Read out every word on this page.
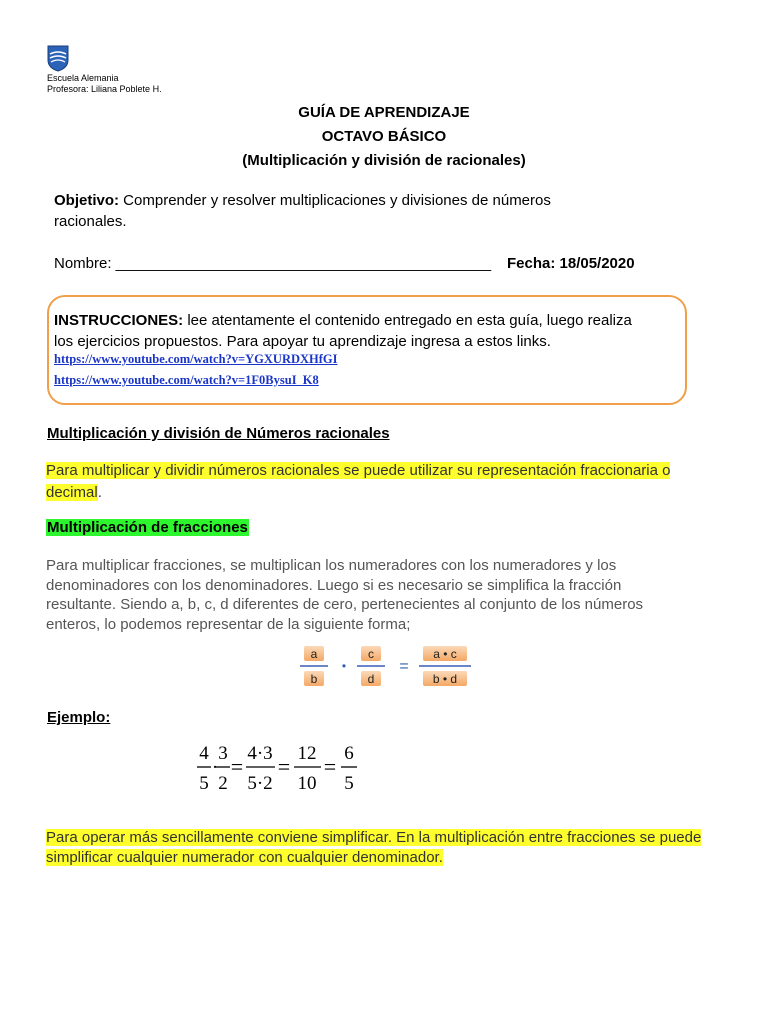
Escuela Alemania
Profesora: Liliana Poblete H.
GUÍA DE APRENDIZAJE
OCTAVO BÁSICO
(Multiplicación y división de racionales)
Objetivo: Comprender y resolver multiplicaciones y divisiones de números racionales.
Nombre: _____________________________________________ Fecha: 18/05/2020
INSTRUCCIONES: lee atentamente el contenido entregado en esta guía, luego realiza los ejercicios propuestos. Para apoyar tu aprendizaje ingresa a estos links.
https://www.youtube.com/watch?v=YGXURDXHfGI
https://www.youtube.com/watch?v=1F0BysuI_K8
Multiplicación y división de Números racionales
Para multiplicar y dividir números racionales se puede utilizar su representación fraccionaria o decimal.
Multiplicación de fracciones
Para multiplicar fracciones, se multiplican los numeradores con los numeradores y los denominadores con los denominadores. Luego si es necesario se simplifica la fracción resultante. Siendo a, b, c, d diferentes de cero, pertenecientes al conjunto de los números enteros, lo podemos representar de la siguiente forma;
a
b
•
c
d
=
a • c
b • d
Ejemplo:
4
5
·
3
2
=
4·3
5·2
=
12
10
=
6
5
Para operar más sencillamente conviene simplificar. En la multiplicación entre fracciones se puede simplificar cualquier numerador con cualquier denominador.
